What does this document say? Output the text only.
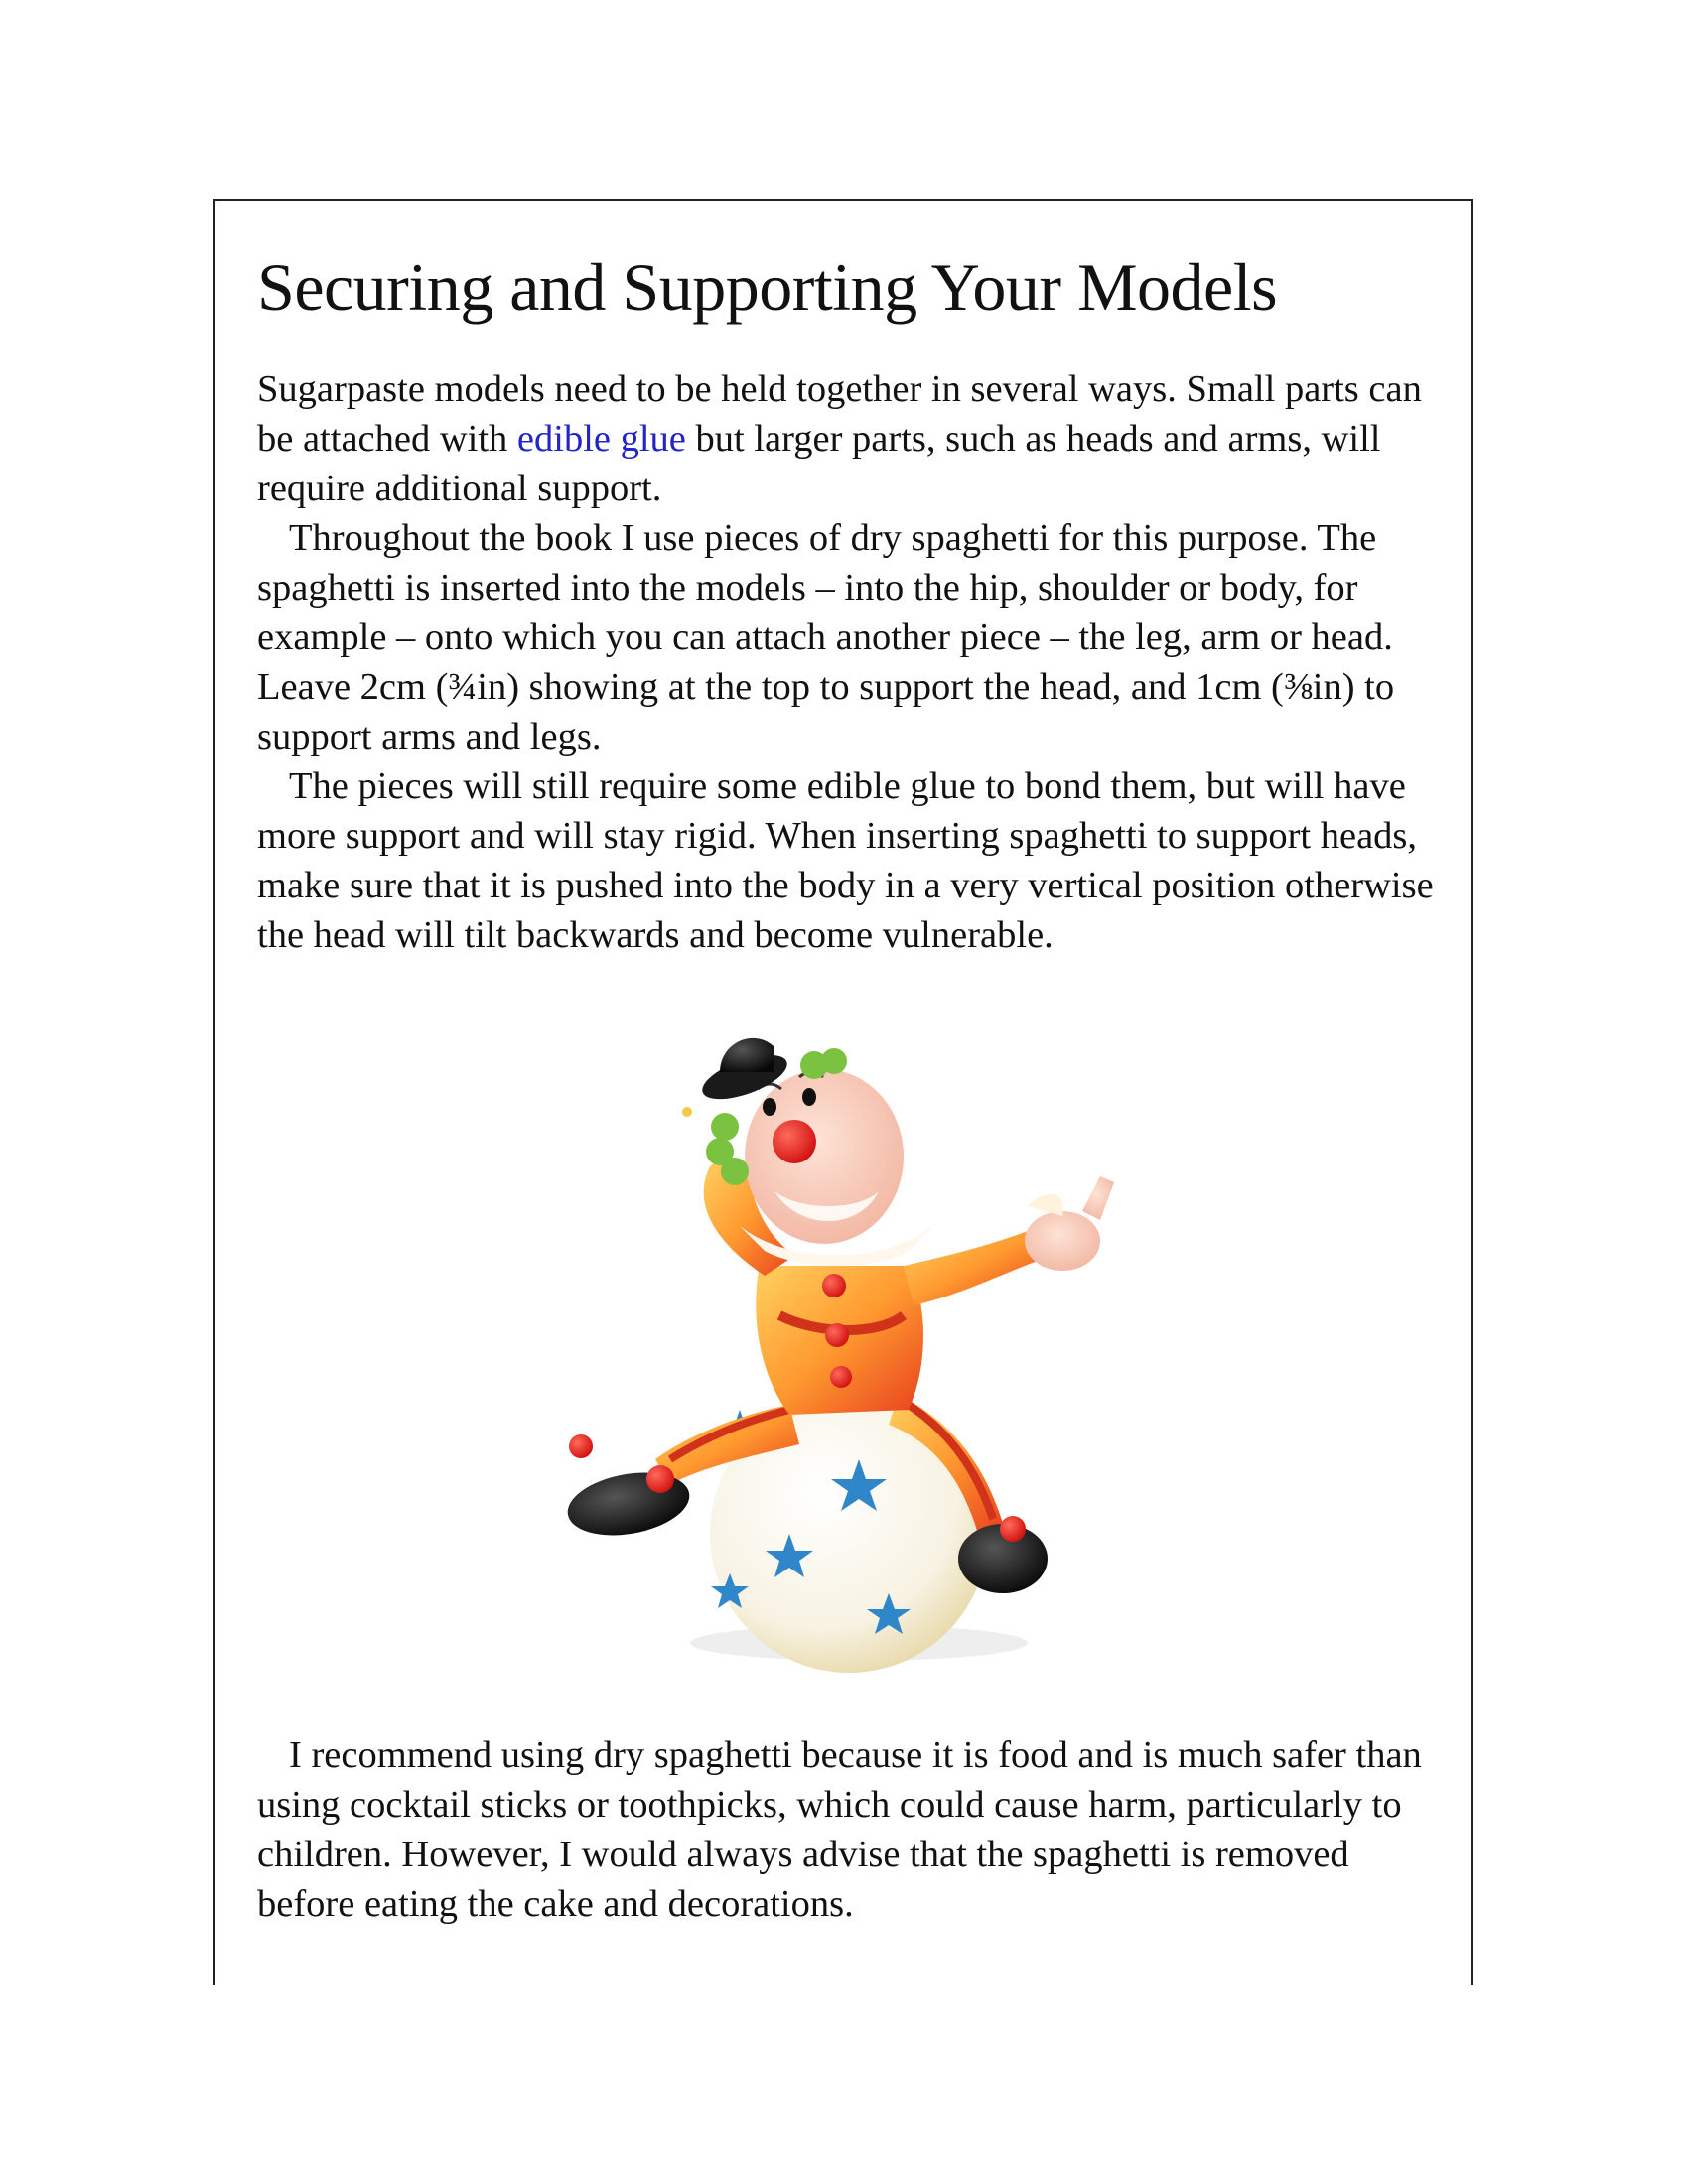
Securing and Supporting Your Models

Sugarpaste models need to be held together in several ways. Small parts can be attached with edible glue but larger parts, such as heads and arms, will require additional support.

Throughout the book I use pieces of dry spaghetti for this purpose. The spaghetti is inserted into the models – into the hip, shoulder or body, for example – onto which you can attach another piece – the leg, arm or head. Leave 2cm (¾in) showing at the top to support the head, and 1cm (⅜in) to support arms and legs.

The pieces will still require some edible glue to bond them, but will have more support and will stay rigid. When inserting spaghetti to support heads, make sure that it is pushed into the body in a very vertical position otherwise the head will tilt backwards and become vulnerable.

I recommend using dry spaghetti because it is food and is much safer than using cocktail sticks or toothpicks, which could cause harm, particularly to children. However, I would always advise that the spaghetti is removed before eating the cake and decorations.
